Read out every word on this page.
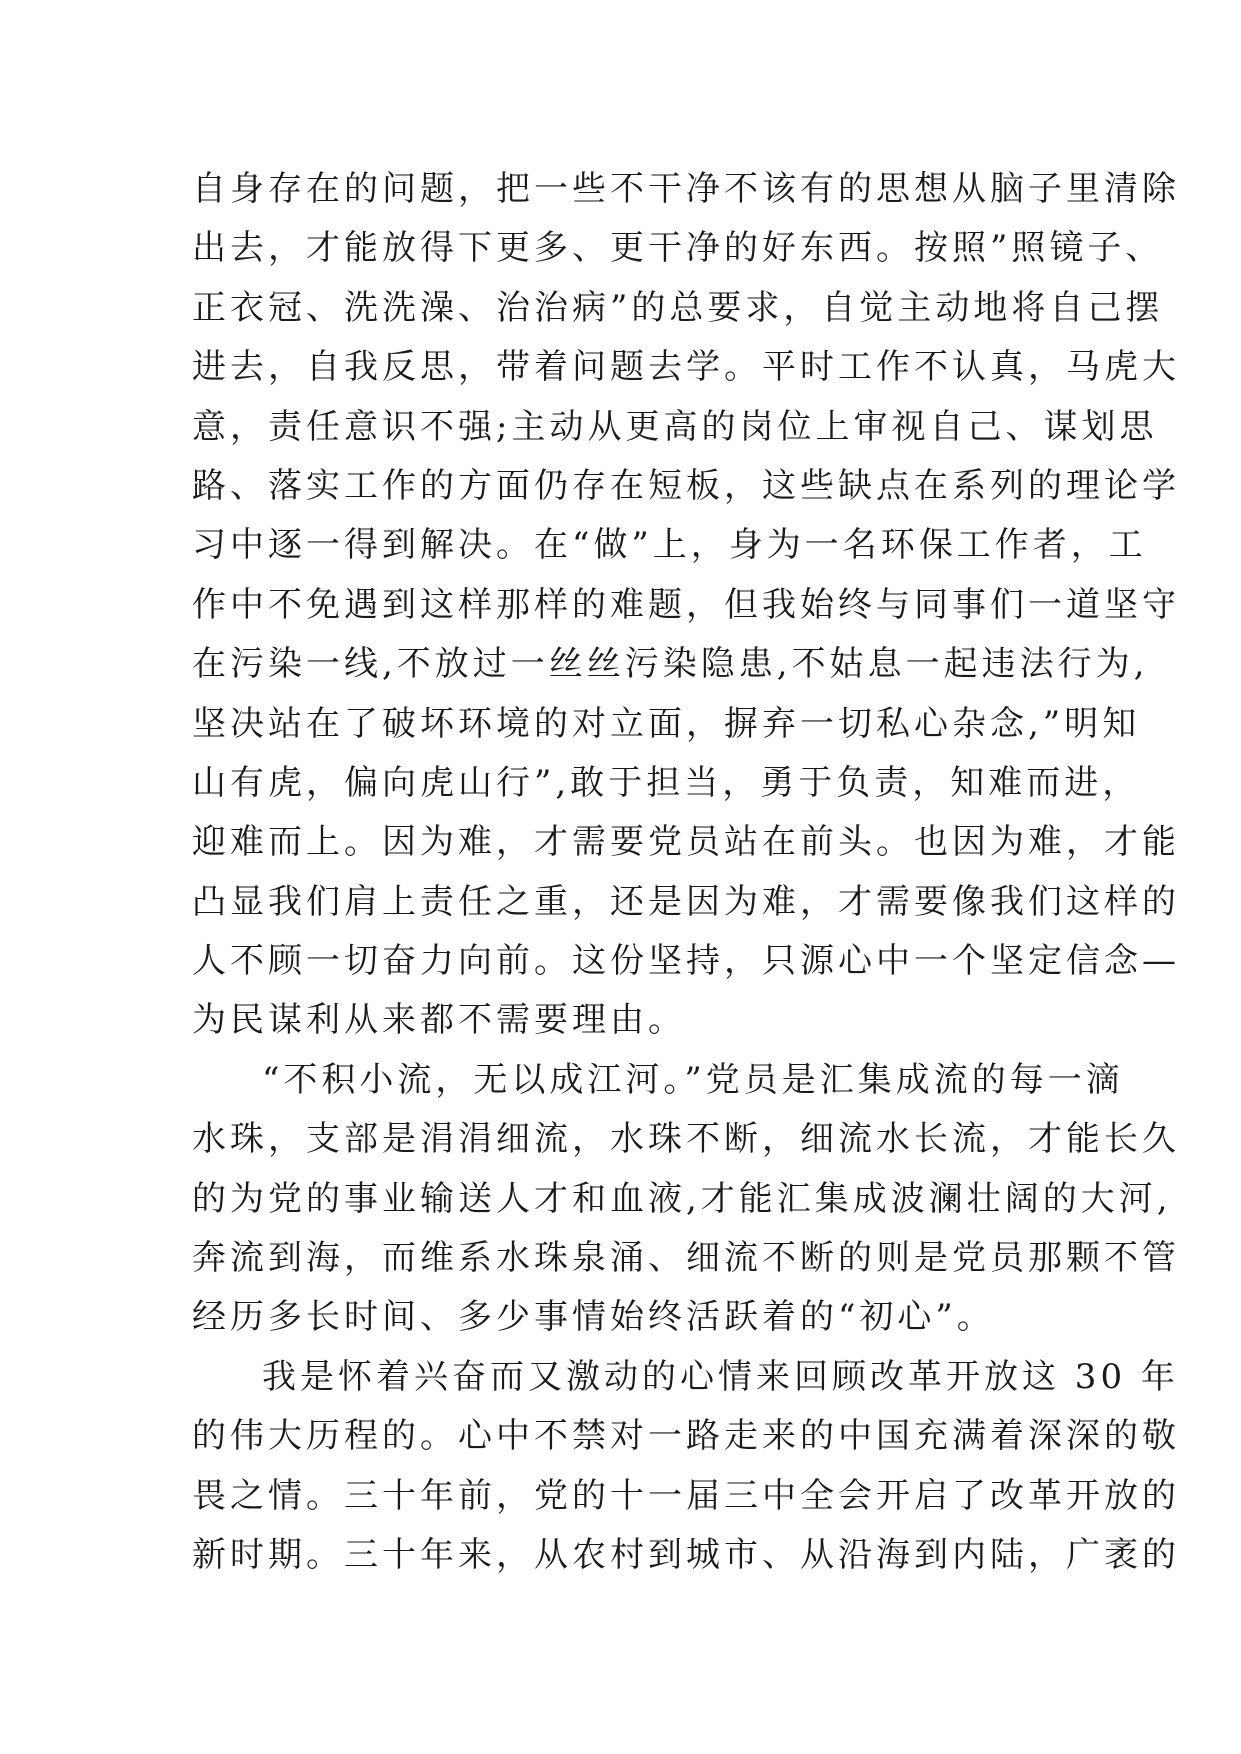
自身存在的问题，把一些不干净不该有的思想从脑子里清除
出去，才能放得下更多、更干净的好东西。按照”照镜子、
正衣冠、洗洗澡、治治病”的总要求，自觉主动地将自己摆
进去，自我反思，带着问题去学。平时工作不认真，马虎大
意，责任意识不强;主动从更高的岗位上审视自己、谋划思
路、落实工作的方面仍存在短板，这些缺点在系列的理论学
习中逐一得到解决。在“做”上，身为一名环保工作者，工
作中不免遇到这样那样的难题，但我始终与同事们一道坚守
在污染一线,不放过一丝丝污染隐患,不姑息一起违法行为,
坚决站在了破坏环境的对立面，摒弃一切私心杂念,”明知
山有虎，偏向虎山行”,敢于担当，勇于负责，知难而进，
迎难而上。因为难，才需要党员站在前头。也因为难，才能
凸显我们肩上责任之重，还是因为难，才需要像我们这样的
人不顾一切奋力向前。这份坚持，只源心中一个坚定信念—
为民谋利从来都不需要理由。
“不积小流，无以成江河。”党员是汇集成流的每一滴
水珠，支部是涓涓细流，水珠不断，细流水长流，才能长久
的为党的事业输送人才和血液,才能汇集成波澜壮阔的大河,
奔流到海，而维系水珠泉涌、细流不断的则是党员那颗不管
经历多长时间、多少事情始终活跃着的“初心”。
我是怀着兴奋而又激动的心情来回顾改革开放这 30 年
的伟大历程的。心中不禁对一路走来的中国充满着深深的敬
畏之情。三十年前，党的十一届三中全会开启了改革开放的
新时期。三十年来，从农村到城市、从沿海到内陆，广袤的
